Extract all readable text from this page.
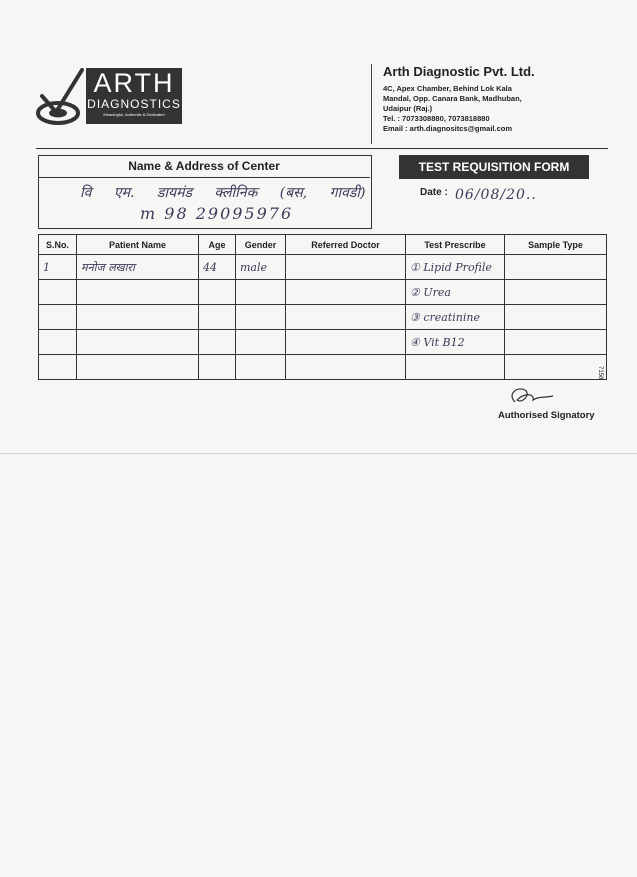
ARTH
DIAGNOSTICS
Meaningful, Authentic & Dedicated
Arth Diagnostic Pvt. Ltd.
4C, Apex Chamber, Behind Lok Kala
Mandal, Opp. Canara Bank, Madhuban,
Udaipur (Raj.)
Tel. : 7073308880, 7073818880
Email : arth.diagnositcs@gmail.com
Name & Address of Center
वि एम. डायमंड क्लीनिक (बस, गावडी)
m 98 29095976
TEST REQUISITION FORM
Date : 06/08/20..
S.No.	Patient Name	Age	Gender	Referred Doctor	Test Prescribe	Sample Type
1	मनोज लखारा	44	male		① Lipid Profile	
					② Urea	
					③ creatinine	
					④ Vit B12	

Authorised Signatory
7158
